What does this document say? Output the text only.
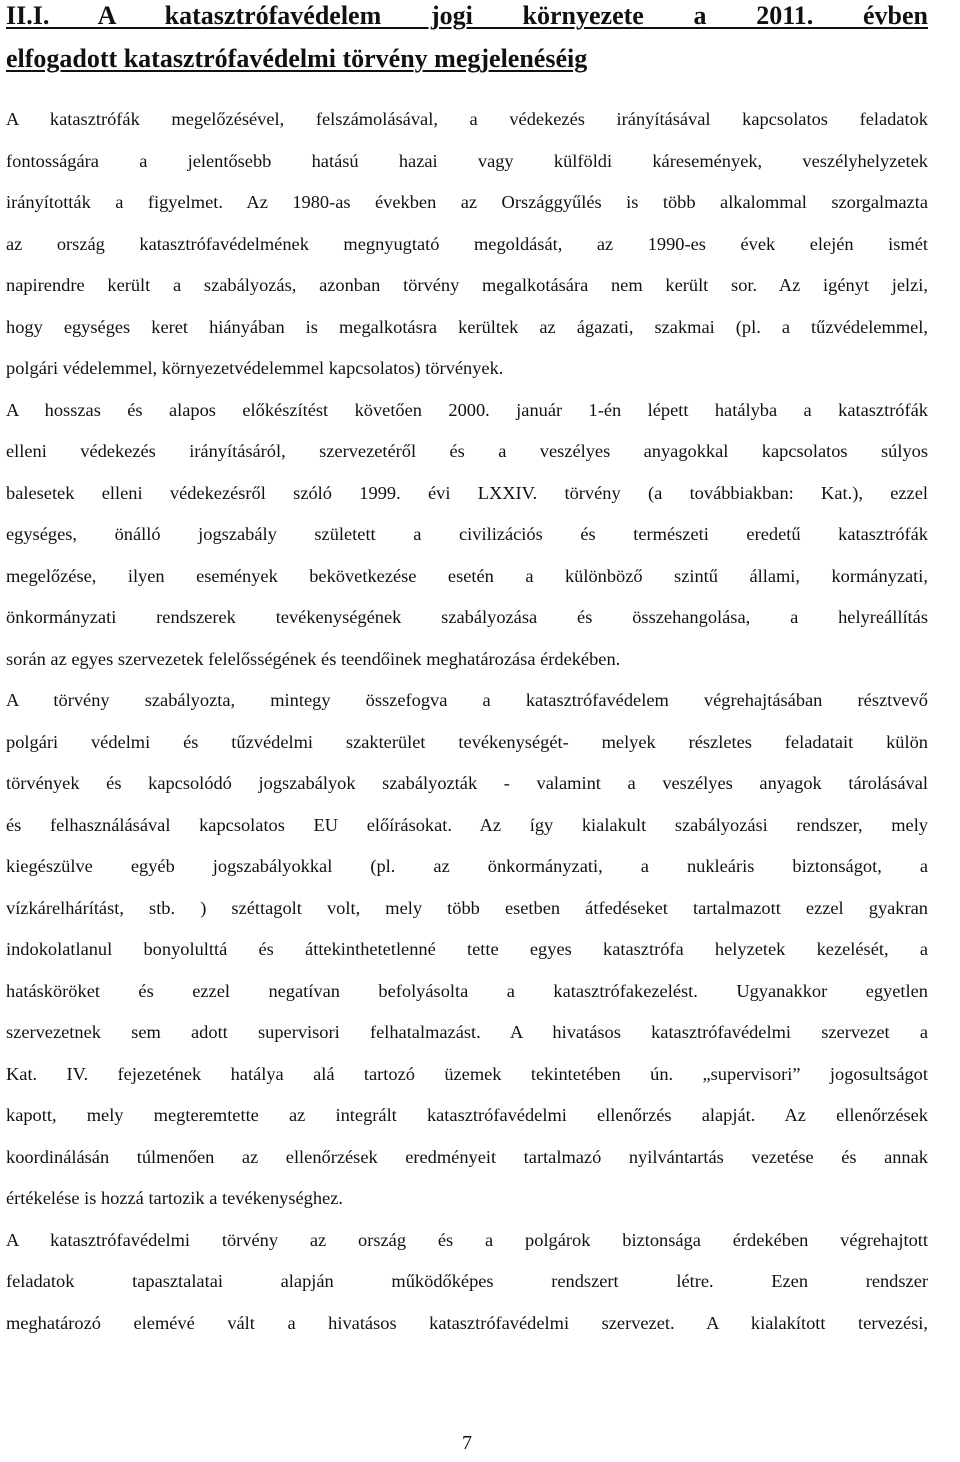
II.I. A katasztrófavédelem jogi környezete a 2011. évben
elfogadott katasztrófavédelmi törvény megjelenéséig
A katasztrófák megelőzésével, felszámolásával, a védekezés irányításával kapcsolatos feladatok
fontosságára a jelentősebb hatású hazai vagy külföldi káresemények, veszélyhelyzetek
irányították a figyelmet. Az 1980-as években az Országgyűlés is több alkalommal szorgalmazta
az ország katasztrófavédelmének megnyugtató megoldását, az 1990-es évek elején ismét
napirendre került a szabályozás, azonban törvény megalkotására nem került sor. Az igényt jelzi,
hogy egységes keret hiányában is megalkotásra kerültek az ágazati, szakmai (pl. a tűzvédelemmel,
polgári védelemmel, környezetvédelemmel kapcsolatos) törvények.
A hosszas és alapos előkészítést követően 2000. január 1-én lépett hatályba a katasztrófák
elleni védekezés irányításáról, szervezetéről és a veszélyes anyagokkal kapcsolatos súlyos
balesetek elleni védekezésről szóló 1999. évi LXXIV. törvény (a továbbiakban: Kat.), ezzel
egységes, önálló jogszabály született a civilizációs és természeti eredetű katasztrófák
megelőzése, ilyen események bekövetkezése esetén a különböző szintű állami, kormányzati,
önkormányzati rendszerek tevékenységének szabályozása és összehangolása, a helyreállítás
során az egyes szervezetek felelősségének és teendőinek meghatározása érdekében.
A törvény szabályozta, mintegy összefogva a katasztrófavédelem végrehajtásában résztvevő
polgári védelmi és tűzvédelmi szakterület tevékenységét- melyek részletes feladatait külön
törvények és kapcsolódó jogszabályok szabályozták - valamint a veszélyes anyagok tárolásával
és felhasználásával kapcsolatos EU előírásokat. Az így kialakult szabályozási rendszer, mely
kiegészülve egyéb jogszabályokkal (pl. az önkormányzati, a nukleáris biztonságot, a
vízkárelhárítást, stb. ) széttagolt volt, mely több esetben átfedéseket tartalmazott ezzel gyakran
indokolatlanul bonyolulttá és áttekinthetetlenné tette egyes katasztrófa helyzetek kezelését, a
hatásköröket és ezzel negatívan befolyásolta a katasztrófakezelést. Ugyanakkor egyetlen
szervezetnek sem adott supervisori felhatalmazást. A hivatásos katasztrófavédelmi szervezet a
Kat. IV. fejezetének hatálya alá tartozó üzemek tekintetében ún. „supervisori” jogosultságot
kapott, mely megteremtette az integrált katasztrófavédelmi ellenőrzés alapját. Az ellenőrzések
koordinálásán túlmenően az ellenőrzések eredményeit tartalmazó nyilvántartás vezetése és annak
értékelése is hozzá tartozik a tevékenységhez.
A katasztrófavédelmi törvény az ország és a polgárok biztonsága érdekében végrehajtott
feladatok tapasztalatai alapján működőképes rendszert létre. Ezen rendszer
meghatározó elemévé vált a hivatásos katasztrófavédelmi szervezet. A kialakított tervezési,
7
